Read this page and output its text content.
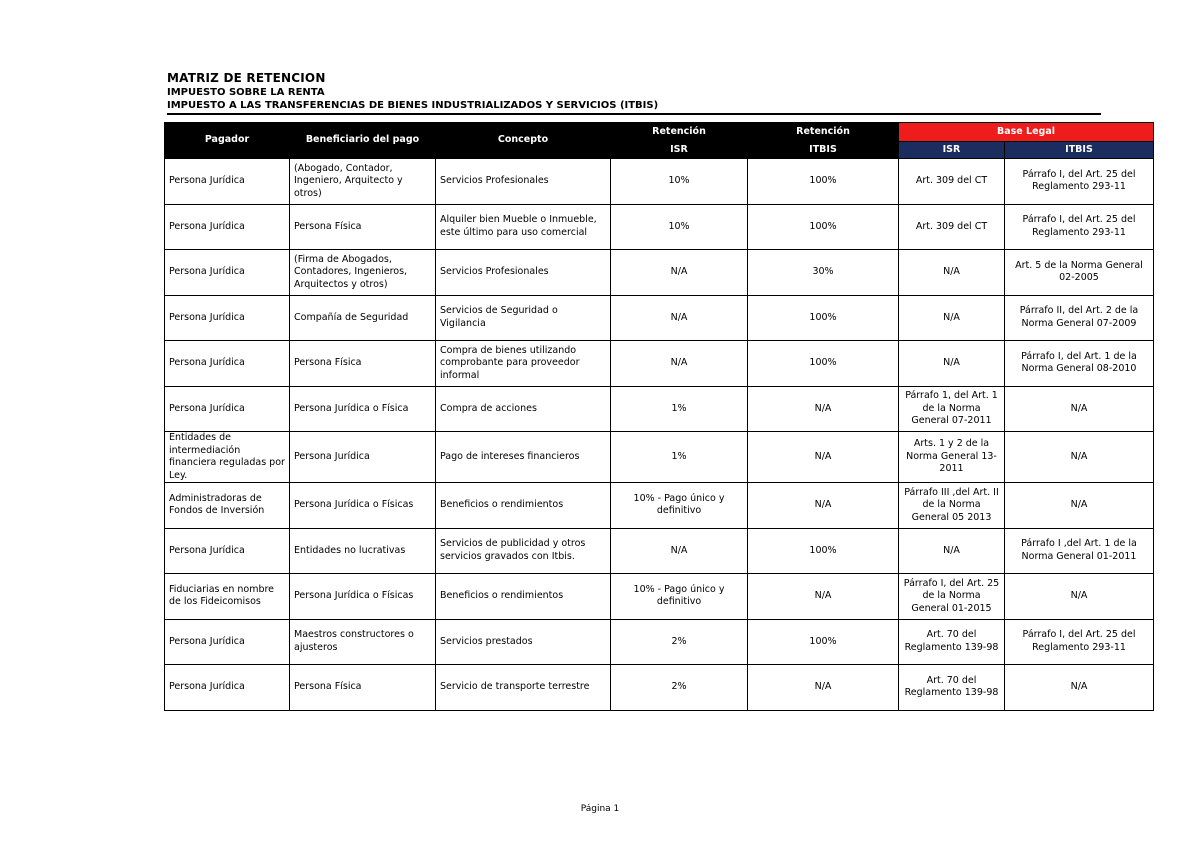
MATRIZ DE RETENCION
IMPUESTO SOBRE LA RENTA
IMPUESTO A LAS TRANSFERENCIAS DE BIENES INDUSTRIALIZADOS Y SERVICIOS (ITBIS)
Pagador	Beneficiario del pago	Concepto	Retención	Retención	Base Legal	
			ISR	ITBIS	ISR	ITBIS
Persona Jurídica	(Abogado, Contador, Ingeniero, Arquitecto y otros)	Servicios Profesionales	10%	100%	Art. 309 del CT	Párrafo I, del Art. 25 del Reglamento 293-11
Persona Jurídica	Persona Física	Alquiler bien Mueble o Inmueble, este último para uso comercial	10%	100%	Art. 309 del CT	Párrafo I, del Art. 25 del Reglamento 293-11
Persona Jurídica	(Firma de Abogados, Contadores, Ingenieros, Arquitectos y otros)	Servicios Profesionales	N/A	30%	N/A	Art. 5 de la Norma General 02-2005
Persona Jurídica	Compañía de Seguridad	Servicios de Seguridad o Vigilancia	N/A	100%	N/A	Párrafo II, del Art. 2 de la Norma General 07-2009
Persona Jurídica	Persona Física	Compra de bienes utilizando comprobante para proveedor informal	N/A	100%	N/A	Párrafo I, del Art. 1 de la Norma General 08-2010
Persona Jurídica	Persona Jurídica o Física	Compra de acciones	1%	N/A	Párrafo 1, del Art. 1 de la Norma General 07-2011	N/A
Entidades de intermediación financiera reguladas por Ley.	Persona Jurídica	Pago de intereses financieros	1%	N/A	Arts. 1 y 2 de la Norma General 13-2011	N/A
Administradoras de Fondos de Inversión	Persona Jurídica o Físicas	Beneficios o rendimientos	10% - Pago único y definitivo	N/A	Párrafo III ,del Art. II de la Norma General 05 2013	N/A
Persona Jurídica	Entidades no lucrativas	Servicios de publicidad y otros servicios gravados con Itbis.	N/A	100%	N/A	Párrafo I ,del Art. 1 de la Norma General 01-2011
Fiduciarias en nombre de los Fideicomisos	Persona Jurídica o Físicas	Beneficios o rendimientos	10% - Pago único y definitivo	N/A	Párrafo I, del Art. 25 de la Norma General 01-2015	N/A
Persona Jurídica	Maestros constructores o ajusteros	Servicios prestados	2%	100%	Art. 70 del Reglamento 139-98	Párrafo I, del Art. 25 del Reglamento 293-11
Persona Jurídica	Persona Física	Servicio de transporte terrestre	2%	N/A	Art. 70 del Reglamento 139-98	N/A
Página 1
